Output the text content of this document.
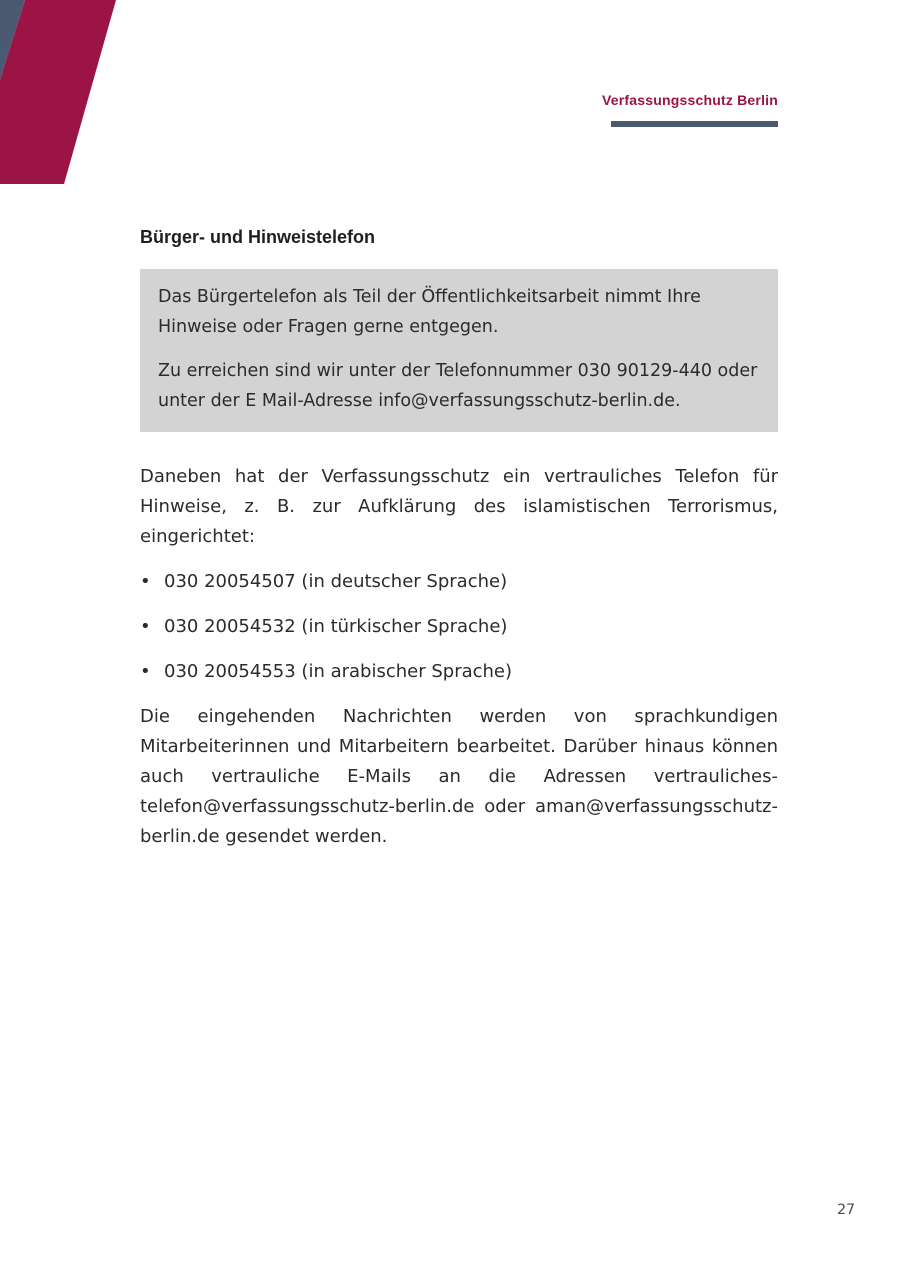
Verfassungsschutz Berlin
Bürger- und Hinweistelefon

Das Bürgertelefon als Teil der Öffentlichkeitsarbeit nimmt Ihre Hinweise oder Fragen gerne entgegen.

Zu erreichen sind wir unter der Telefonnummer 030 90129-440 oder unter der E Mail-Adresse info@verfassungsschutz-berlin.de.

Daneben hat der Verfassungsschutz ein vertrauliches Telefon für Hinweise, z. B. zur Aufklärung des islamistischen Terrorismus, eingerichtet:

• 030 20054507 (in deutscher Sprache)
• 030 20054532 (in türkischer Sprache)
• 030 20054553 (in arabischer Sprache)

Die eingehenden Nachrichten werden von sprachkundigen Mitarbeiterinnen und Mitarbeitern bearbeitet. Darüber hinaus können auch vertrauliche E-Mails an die Adressen vertrauliches-telefon@verfassungsschutz-berlin.de oder aman@verfassungsschutz-berlin.de gesendet werden.

27
